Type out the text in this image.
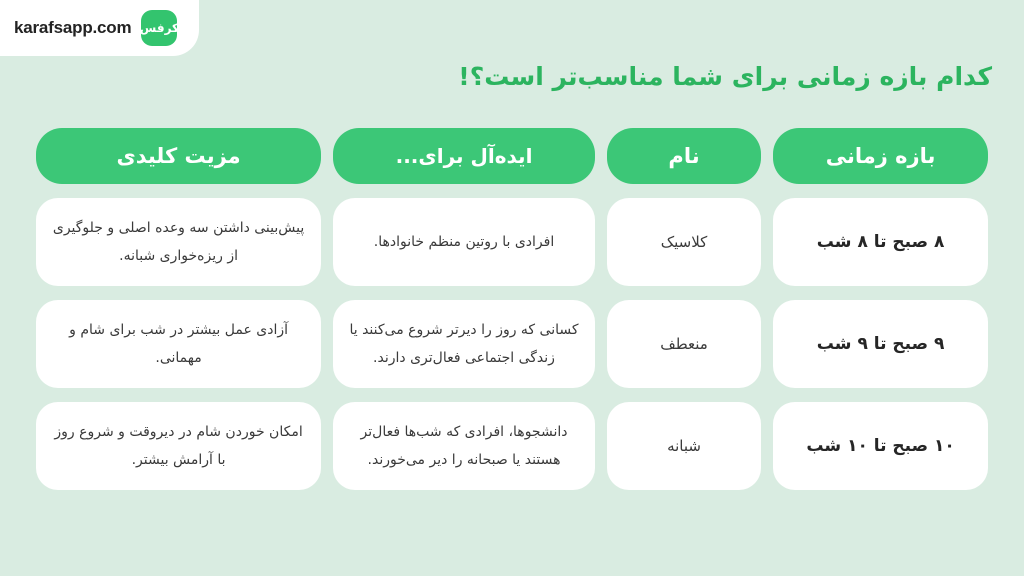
کرفس
karafsapp.com
کدام بازه زمانی برای شما مناسب‌تر است؟!
بازه زمانی
۸ صبح تا ۸ شب
۹ صبح تا ۹ شب
۱۰ صبح تا ۱۰ شب
نام
کلاسیک
منعطف
شبانه
ایده‌آل برای...
افرادی با روتین منظم خانوادها.
کسانی که روز را دیرتر شروع می‌کنند یا زندگی اجتماعی فعال‌تری دارند.
دانشجوها، افرادی که شب‌ها فعال‌تر هستند یا صبحانه را دیر می‌خورند.
مزیت کلیدی
پیش‌بینی‌ داشتن سه وعده اصلی و جلوگیری از ریزه‌خواری شبانه.
آزادی عمل بیشتر در شب برای شام و مهمانی.
امکان خوردن شام در دیروقت و شروع روز با آرامش بیشتر.
